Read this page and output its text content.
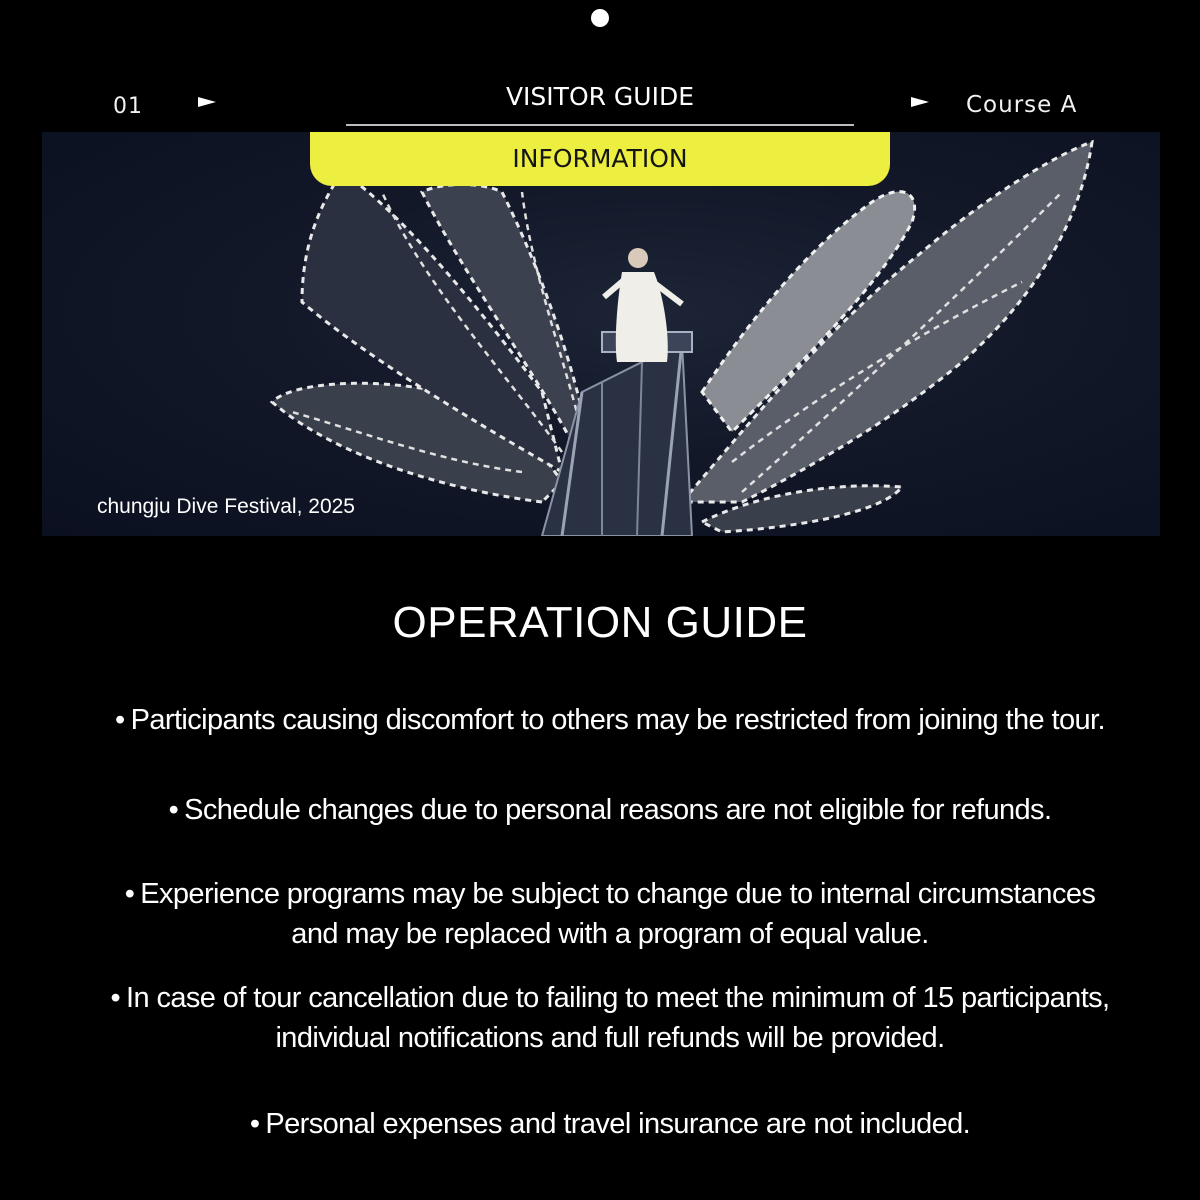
01	VISITOR GUIDE	Course A
INFORMATION
chungju Dive Festival, 2025
OPERATION GUIDE
• Participants causing discomfort to others may be restricted from joining the tour.
• Schedule changes due to personal reasons are not eligible for refunds.
• Experience programs may be subject to change due to internal circumstances
and may be replaced with a program of equal value.
• In case of tour cancellation due to failing to meet the minimum of 15 participants,
individual notifications and full refunds will be provided.
• Personal expenses and travel insurance are not included.
